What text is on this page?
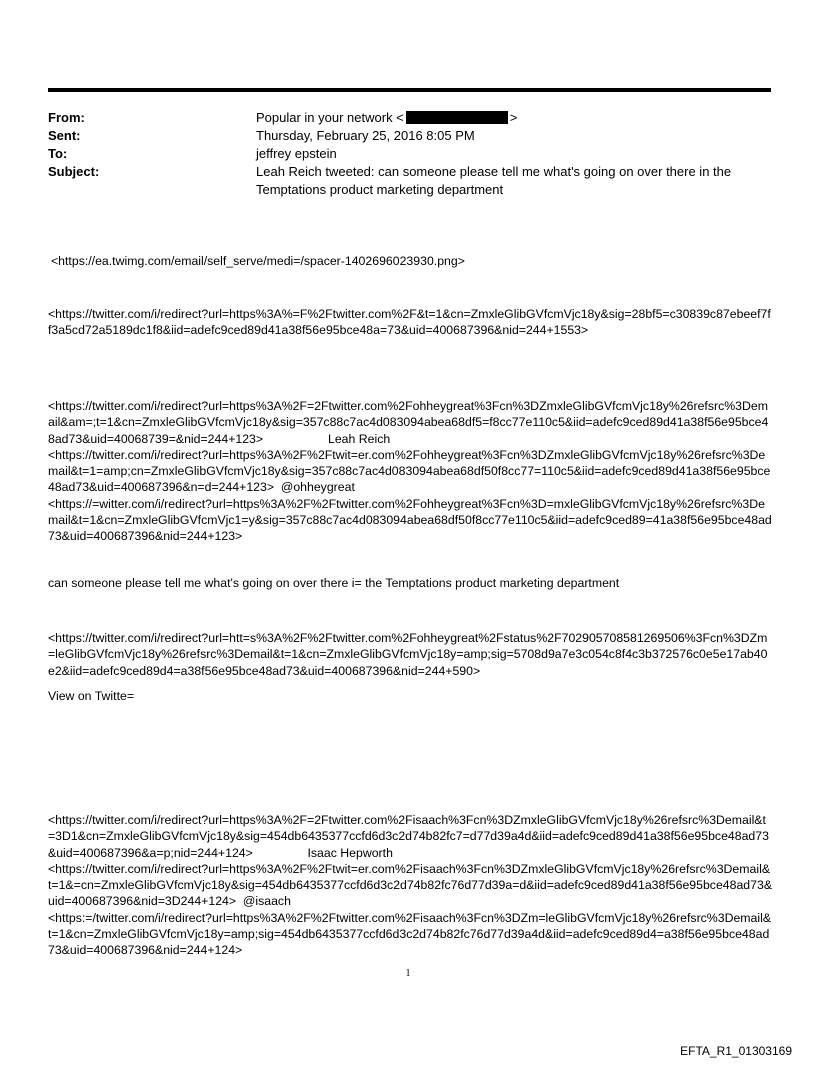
From:	Popular in your network <	>
Sent:	Thursday, February 25, 2016 8:05 PM
To:	jeffrey epstein
Subject:	Leah Reich tweeted: can someone please tell me what's going on over there in the Temptations product marketing department
<https://ea.twimg.com/email/self_serve/medi=/spacer-1402696023930.png>
<https://twitter.com/i/redirect?url=https%3A%=F%2Ftwitter.com%2F&t=1&cn=ZmxleGlibGVfcmVjc18y&sig=28bf5=c30839c87ebeef7ff3a5cd72a5189dc1f8&iid=adefc9ced89d41a38f56e95bce48a=73&uid=400687396&nid=244+1553>
<https://twitter.com/i/redirect?url=https%3A%2F=2Ftwitter.com%2Fohheygreat%3Fcn%3DZmxleGlibGVfcmVjc18y%26refsrc%3Demail&am=;t=1&cn=ZmxleGlibGVfcmVjc18y&sig=357c88c7ac4d083094abea68df5=f8cc77e110c5&iid=adefc9ced89d41a38f56e95bce48ad73&uid=40068739=&nid=244+123>                   Leah Reich
<https://twitter.com/i/redirect?url=https%3A%2F%2Ftwit=er.com%2Fohheygreat%3Fcn%3DZmxleGlibGVfcmVjc18y%26refsrc%3Demail&t=1=amp;cn=ZmxleGlibGVfcmVjc18y&sig=357c88c7ac4d083094abea68df50f8cc77=110c5&iid=adefc9ced89d41a38f56e95bce48ad73&uid=400687396&n=d=244+123>  @ohheygreat
<https://=witter.com/i/redirect?url=https%3A%2F%2Ftwitter.com%2Fohheygreat%3Fcn%3D=mxleGlibGVfcmVjc18y%26refsrc%3Demail&t=1&cn=ZmxleGlibGVfcmVjc1=y&sig=357c88c7ac4d083094abea68df50f8cc77e110c5&iid=adefc9ced89=41a38f56e95bce48ad73&uid=400687396&nid=244+123>
can someone please tell me what's going on over there i= the Temptations product marketing department
<https://twitter.com/i/redirect?url=htt=s%3A%2F%2Ftwitter.com%2Fohheygreat%2Fstatus%2F702905708581269506%3Fcn%3DZm=leGlibGVfcmVjc18y%26refsrc%3Demail&t=1&cn=ZmxleGlibGVfcmVjc18y=amp;sig=5708d9a7e3c054c8f4c3b372576c0e5e17ab40e2&iid=adefc9ced89d4=a38f56e95bce48ad73&uid=400687396&nid=244+590>
View on Twitte=
<https://twitter.com/i/redirect?url=https%3A%2F=2Ftwitter.com%2Fisaach%3Fcn%3DZmxleGlibGVfcmVjc18y%26refsrc%3Demail&t=3D1&cn=ZmxleGlibGVfcmVjc18y&sig=454db6435377ccfd6d3c2d74b82fc7=d77d39a4d&iid=adefc9ced89d41a38f56e95bce48ad73&uid=400687396&a=p;nid=244+124>                Isaac Hepworth
<https://twitter.com/i/redirect?url=https%3A%2F%2Ftwit=er.com%2Fisaach%3Fcn%3DZmxleGlibGVfcmVjc18y%26refsrc%3Demail&t=1&=cn=ZmxleGlibGVfcmVjc18y&sig=454db6435377ccfd6d3c2d74b82fc76d77d39a=d&iid=adefc9ced89d41a38f56e95bce48ad73&uid=400687396&nid=3D244+124>  @isaach
<https:=/twitter.com/i/redirect?url=https%3A%2F%2Ftwitter.com%2Fisaach%3Fcn%3DZm=leGlibGVfcmVjc18y%26refsrc%3Demail&t=1&cn=ZmxleGlibGVfcmVjc18y=amp;sig=454db6435377ccfd6d3c2d74b82fc76d77d39a4d&iid=adefc9ced89d4=a38f56e95bce48ad73&uid=400687396&nid=244+124>
1
EFTA_R1_01303169
